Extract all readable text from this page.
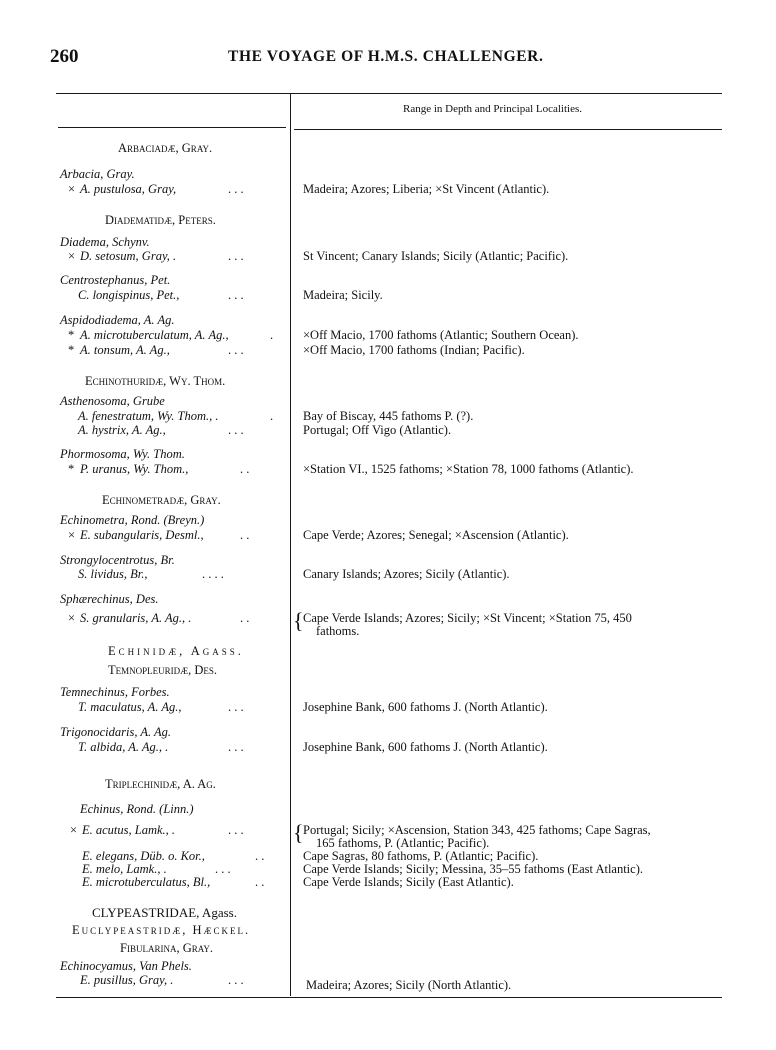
260	THE VOYAGE OF H.M.S. CHALLENGER.
Range in Depth and Principal Localities.
Arbaciadæ, Gray.
Arbacia, Gray.
× A. pustulosa, Gray,	. . .	Madeira; Azores; Liberia; ×St Vincent (Atlantic).
Diadematidæ, Peters.
Diadema, Schynv.
× D. setosum, Gray, .	. . .	St Vincent; Canary Islands; Sicily (Atlantic; Pacific).
Centrostephanus, Pet.
C. longispinus, Pet.,	. . .	Madeira; Sicily.
Aspidodiadema, A. Ag.
* A. microtuberculatum, A. Ag.,	. ×Off Macio, 1700 fathoms (Atlantic; Southern Ocean).
* A. tonsum, A. Ag.,	. . .	×Off Macio, 1700 fathoms (Indian; Pacific).
Echinothuridæ, Wy. Thom.
Asthenosoma, Grube
A. fenestratum, Wy. Thom., .	. Bay of Biscay, 445 fathoms P. (?).
A. hystrix, A. Ag.,	. . .	Portugal; Off Vigo (Atlantic).
Phormosoma, Wy. Thom.
* P. uranus, Wy. Thom.,	. .	×Station VI., 1525 fathoms; ×Station 78, 1000 fathoms (Atlantic).
Echinometradæ, Gray.
Echinometra, Rond. (Breyn.)
× E. subangularis, Desml.,	. .	Cape Verde; Azores; Senegal; ×Ascension (Atlantic).
Strongylocentrotus, Br.
S. lividus, Br.,	. . . .	Canary Islands; Azores; Sicily (Atlantic).
Sphærechinus, Des.
× S. granularis, A. Ag., .	. .	Cape Verde Islands; Azores; Sicily; ×St Vincent; ×Station 75, 450
fathoms.
{
Echinidæ, Agass.
Temnopleuridæ, Des.
Temnechinus, Forbes.
T. maculatus, A. Ag.,	. . .	Josephine Bank, 600 fathoms J. (North Atlantic).
Trigonocidaris, A. Ag.
T. albida, A. Ag., .	. . .	Josephine Bank, 600 fathoms J. (North Atlantic).
Triplechinidæ, A. Ag.
Echinus, Rond. (Linn.)
× E. acutus, Lamk., .	. . .	Portugal; Sicily; ×Ascension, Station 343, 425 fathoms; Cape Sagras,
165 fathoms, P. (Atlantic; Pacific).
{
E. elegans, Düb. o. Kor.,	. .	Cape Sagras, 80 fathoms, P. (Atlantic; Pacific).
E. melo, Lamk., .	. . .	Cape Verde Islands; Sicily; Messina, 35–55 fathoms (East Atlantic).
E. microtuberculatus, Bl.,	. .	Cape Verde Islands; Sicily (East Atlantic).
CLYPEASTRIDAE, Agass.
Euclypeastridæ, Hæckel.
Fibularina, Gray.
Echinocyamus, Van Phels.
E. pusillus, Gray, .	. . .	Madeira; Azores; Sicily (North Atlantic).
